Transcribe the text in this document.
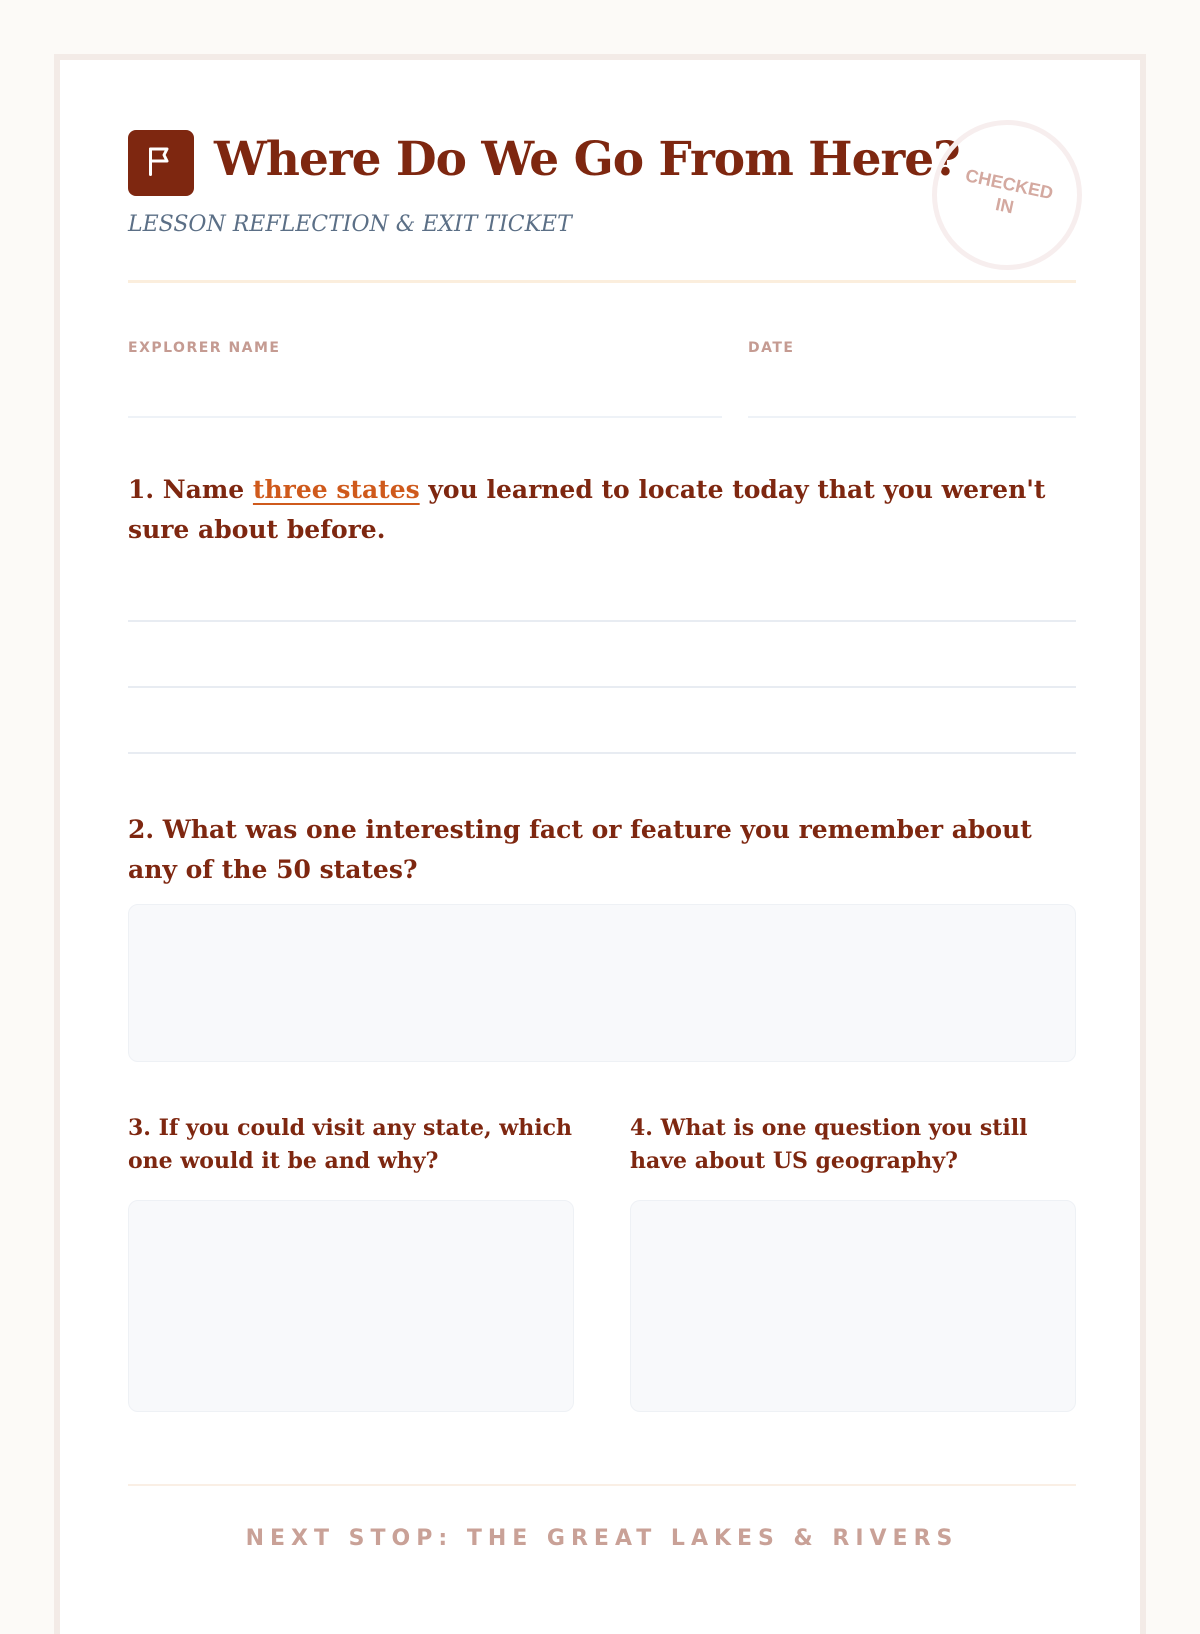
Where Do We Go From Here?
LESSON REFLECTION & EXIT TICKET
CHECKED IN
EXPLORER NAME	DATE
1. Name three states you learned to locate today that you weren't sure about before.
2. What was one interesting fact or feature you remember about any of the 50 states?
3. If you could visit any state, which one would it be and why?
4. What is one question you still have about US geography?
NEXT STOP: THE GREAT LAKES & RIVERS
